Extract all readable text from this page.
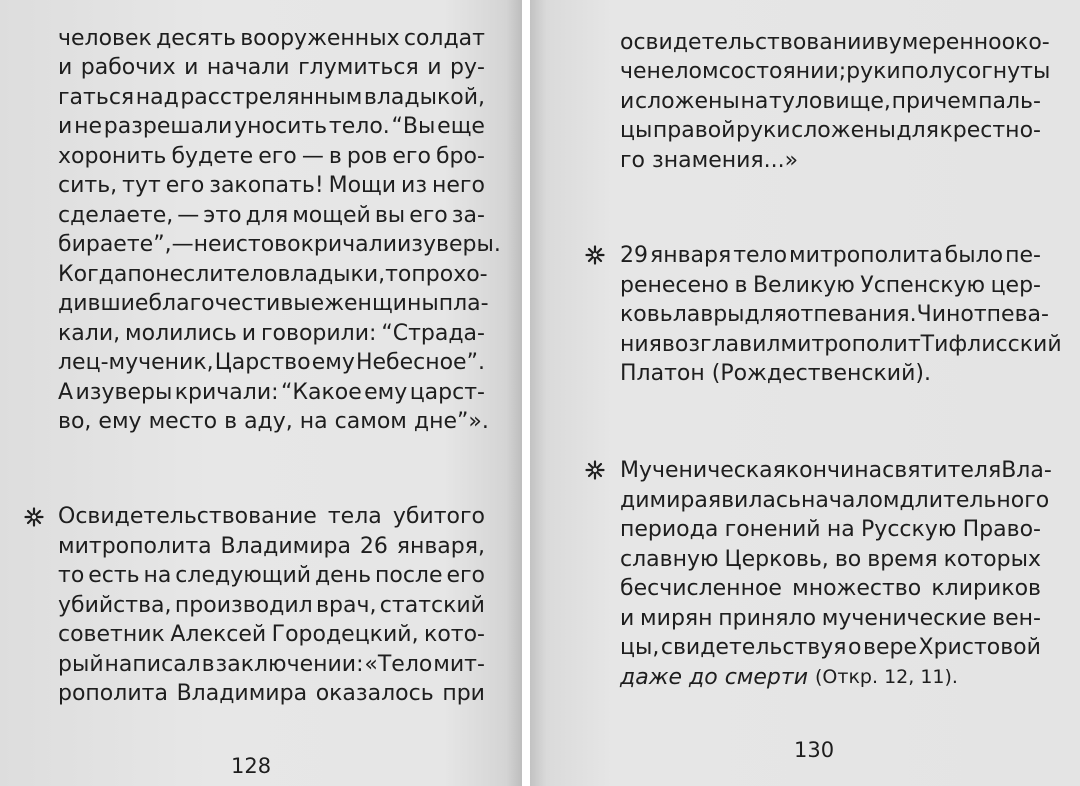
человек десять вооруженных солдат
и рабочих и начали глумиться и ру-
гаться над расстрелянным владыкой,
и не разрешали уносить тело. “Вы еще
хоронить будете его — в ров его бро-
сить, тут его закопать! Мощи из него
сделаете, — это для мощей вы его за-
бираете”, — неистово кричали изуверы.
Когда понесли тело владыки, то прохо-
дившие благочестивые женщины пла-
кали, молились и говорили: “Страда-
лец-мученик, Царство ему Небесное”.
А изуверы кричали: “Какое ему царст-
во, ему место в аду, на самом дне”».
Освидетельствование тела убитого
митрополита Владимира 26 января,
то есть на следующий день после его
убийства, производил врач, статский
советник Алексей Городецкий, кото-
рый написал в заключении: «Тело мит-
рополита Владимира оказалось при

128

освидетельствовании в умеренно око-
ченелом состоянии; руки полусогнуты
и сложены на туловище, причем паль-
цы правой руки сложены для крестно-
го знамения...»
29 января тело митрополита было пе-
ренесено в Великую Успенскую цер-
ковь лавры для отпевания. Чин отпева-
ния возглавил митрополит Тифлисский
Платон (Рождественский).
Мученическая кончина святителя Вла-
димира явилась началом длительного
периода гонений на Русскую Право-
славную Церковь, во время которых
бесчисленное множество клириков
и мирян приняло мученические вен-
цы, свидетельствуя о вере Христовой

даже до смерти (Откр. 12, 11).

130
